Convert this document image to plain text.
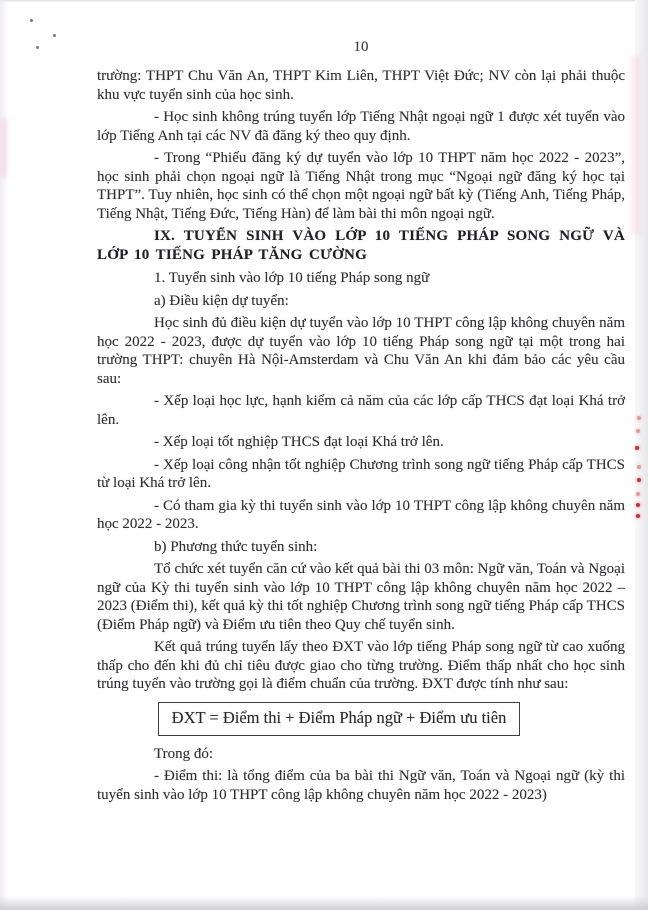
10

trường: THPT Chu Văn An, THPT Kim Liên, THPT Việt Đức; NV còn lại phải thuộc khu vực tuyển sinh của học sinh.

- Học sinh không trúng tuyển lớp Tiếng Nhật ngoại ngữ 1 được xét tuyển vào lớp Tiếng Anh tại các NV đã đăng ký theo quy định.

- Trong “Phiếu đăng ký dự tuyển vào lớp 10 THPT năm học 2022 - 2023”, học sinh phải chọn ngoại ngữ là Tiếng Nhật trong mục “Ngoại ngữ đăng ký học tại THPT”. Tuy nhiên, học sinh có thể chọn một ngoại ngữ bất kỳ (Tiếng Anh, Tiếng Pháp, Tiếng Nhật, Tiếng Đức, Tiếng Hàn) để làm bài thi môn ngoại ngữ.

IX. TUYỂN SINH VÀO LỚP 10 TIẾNG PHÁP SONG NGỮ VÀ LỚP 10 TIẾNG PHÁP TĂNG CƯỜNG

1. Tuyển sinh vào lớp 10 tiếng Pháp song ngữ

a) Điều kiện dự tuyển:

Học sinh đủ điều kiện dự tuyển vào lớp 10 THPT công lập không chuyên năm học 2022 - 2023, được dự tuyển vào lớp 10 tiếng Pháp song ngữ tại một trong hai trường THPT: chuyên Hà Nội-Amsterdam và Chu Văn An khi đảm bảo các yêu cầu sau:

- Xếp loại học lực, hạnh kiểm cả năm của các lớp cấp THCS đạt loại Khá trở lên.

- Xếp loại tốt nghiệp THCS đạt loại Khá trở lên.

- Xếp loại công nhận tốt nghiệp Chương trình song ngữ tiếng Pháp cấp THCS từ loại Khá trở lên.

- Có tham gia kỳ thi tuyển sinh vào lớp 10 THPT công lập không chuyên năm học 2022 - 2023.

b) Phương thức tuyển sinh:

Tổ chức xét tuyển căn cứ vào kết quả bài thi 03 môn: Ngữ văn, Toán và Ngoại ngữ của Kỳ thi tuyển sinh vào lớp 10 THPT công lập không chuyên năm học 2022 – 2023 (Điểm thi), kết quả kỳ thi tốt nghiệp Chương trình song ngữ tiếng Pháp cấp THCS (Điểm Pháp ngữ) và Điểm ưu tiên theo Quy chế tuyển sinh.

Kết quả trúng tuyển lấy theo ĐXT vào lớp tiếng Pháp song ngữ từ cao xuống thấp cho đến khi đủ chỉ tiêu được giao cho từng trường. Điểm thấp nhất cho học sinh trúng tuyển vào trường gọi là điểm chuẩn của trường. ĐXT được tính như sau:

ĐXT = Điểm thi + Điểm Pháp ngữ + Điểm ưu tiên

Trong đó:

- Điểm thi: là tổng điểm của ba bài thi Ngữ văn, Toán và Ngoại ngữ (kỳ thi tuyển sinh vào lớp 10 THPT công lập không chuyên năm học 2022 - 2023)
